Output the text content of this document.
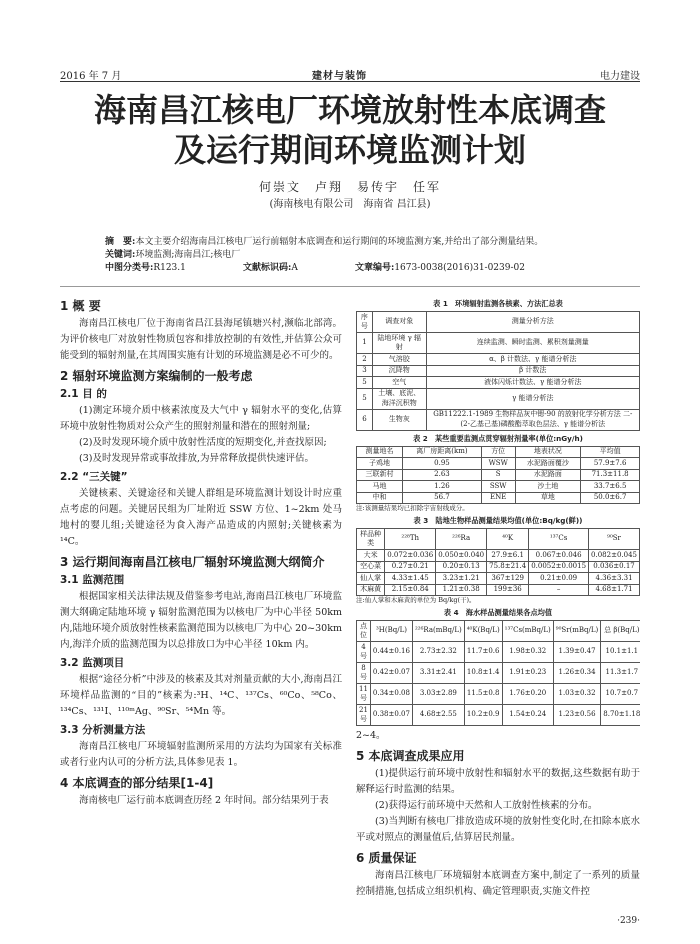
2016 年 7 月	建材与装饰	电力建设
海南昌江核电厂环境放射性本底调查
及运行期间环境监测计划
何崇文　卢翔　易传宇　任军
(海南核电有限公司　海南省 昌江县)
摘　要:本文主要介绍海南昌江核电厂运行前辐射本底调查和运行期间的环境监测方案,并给出了部分测量结果。
关键词:环境监测;海南昌江;核电厂
中图分类号:R123.1	文献标识码:A	文章编号:1673-0038(2016)31-0239-02
1 概 要

海南昌江核电厂位于海南省昌江县海尾镇塘兴村,濒临北部湾。为评价核电厂对放射性物质包容和排放控制的有效性,并估算公众可能受到的辐射剂量,在其周围实施有计划的环境监测是必不可少的。

2 辐射环境监测方案编制的一般考虑
2.1 目 的

(1)测定环境介质中核素浓度及大气中 γ 辐射水平的变化,估算环境中放射性物质对公众产生的照射剂量和潜在的照射剂量;

(2)及时发现环境介质中放射性活度的短期变化,并查找原因;

(3)及时发现异常或事故排放,为异常释放提供快速评估。

2.2 “三关键”

关键核素、关键途径和关键人群组是环境监测计划设计时应重点考虑的问题。关键居民组为厂址附近 SSW 方位、1~2km 处马地村的婴儿组;关键途径为食入海产品造成的内照射;关键核素为 ¹⁴C。

3 运行期间海南昌江核电厂辐射环境监测大纲简介
3.1 监测范围

根据国家相关法律法规及借鉴参考电站,海南昌江核电厂环境监测大纲确定陆地环境 γ 辐射监测范围为以核电厂为中心半径 50km 内,陆地环境介质放射性核素监测范围为以核电厂为中心 20~30km 内,海洋介质的监测范围为以总排放口为中心半径 10km 内。

3.2 监测项目

根据“途径分析”中涉及的核素及其对剂量贡献的大小,海南昌江环境样品监测的“目的”核素为:³H、¹⁴C、¹³⁷Cs、⁶⁰Co、⁵⁸Co、¹³⁴Cs、¹³¹I、¹¹⁰ᵐAg、⁹⁰Sr、⁵⁴Mn 等。

3.3 分析测量方法

海南昌江核电厂环境辐射监测所采用的方法均为国家有关标准或者行业内认可的分析方法,具体参见表 1。

4 本底调查的部分结果[1-4]

海南核电厂运行前本底调查历经 2 年时间。部分结果列于表

表 1　环境辐射监测各核素、方法汇总表
序号	调查对象	测量分析方法
1	陆地环境 γ 辐射	连续监测、瞬时监测、累积剂量测量
2	气溶胶	α、β 计数法、γ 能谱分析法
3	沉降物	β 计数法
5	空气	液体闪烁计数法、γ 能谱分析法
5	土壤、底泥、海洋沉积物	γ 能谱分析法
6	生物灰	GB11222.1-1989 生物样品灰中锶-90 的放射化学分析方法 二-(2-乙基己基)磷酸酯萃取色层法、γ 能谱分析法
表 2　某些重要监测点贯穿辐射剂量率(单位:nGy/h)
测量地名	离厂房距离(km)	方位	地表状况	平均值
子鸡地	0.95	WSW	水泥路面覆沙	57.9±7.6
三联新村	2.63	S	水泥路面	71.3±11.8
马地	1.26	SSW	沙土地	33.7±6.5
中和	56.7	ENE	草地	50.0±6.7
注:该测量结果均已扣除宇宙射线成分。
表 3　陆地生物样品测量结果均值(单位:Bq/kg(鲜))
样品种类	²²⁸Th	²²⁶Ra	⁴⁰K	¹³⁷Cs	⁹⁰Sr
大米	0.072±0.036	0.050±0.040	27.9±6.1	0.067±0.046	0.082±0.045
空心菜	0.27±0.21	0.20±0.13	75.8±21.4	0.0052±0.0015	0.036±0.17
仙人掌	4.33±1.45	3.23±1.21	367±129	0.21±0.09	4.36±3.31
木麻黄	2.15±0.84	1.21±0.38	199±36	–	4.68±1.71
注:仙人掌和木麻黄的单位为 Bq/kg(干)。
表 4　海水样品测量结果各点均值
点位	³H(Bq/L)	²²⁶Ra(mBq/L)	⁴⁰K(Bq/L)	¹³⁷Cs(mBq/L)	⁹⁰Sr(mBq/L)	总 β(Bq/L)
4 号	0.44±0.16	2.73±2.32	11.7±0.6	1.98±0.32	1.39±0.47	10.1±1.1
8 号	0.42±0.07	3.31±2.41	10.8±1.4	1.91±0.23	1.26±0.34	11.3±1.7
11 号	0.34±0.08	3.03±2.89	11.5±0.8	1.76±0.20	1.03±0.32	10.7±0.7
21 号	0.38±0.07	4.68±2.55	10.2±0.9	1.54±0.24	1.23±0.56	8.70±1.18
2~4。
5 本底调查成果应用

(1)提供运行前环境中放射性和辐射水平的数据,这些数据有助于解释运行时监测的结果。

(2)获得运行前环境中天然和人工放射性核素的分布。

(3)当判断有核电厂排放造成环境的放射性变化时,在扣除本底水平或对照点的测量值后,估算居民剂量。

6 质量保证

海南昌江核电厂环境辐射本底调查方案中,制定了一系列的质量控制措施,包括成立组织机构、确定管理职责,实施文件控

·239·
